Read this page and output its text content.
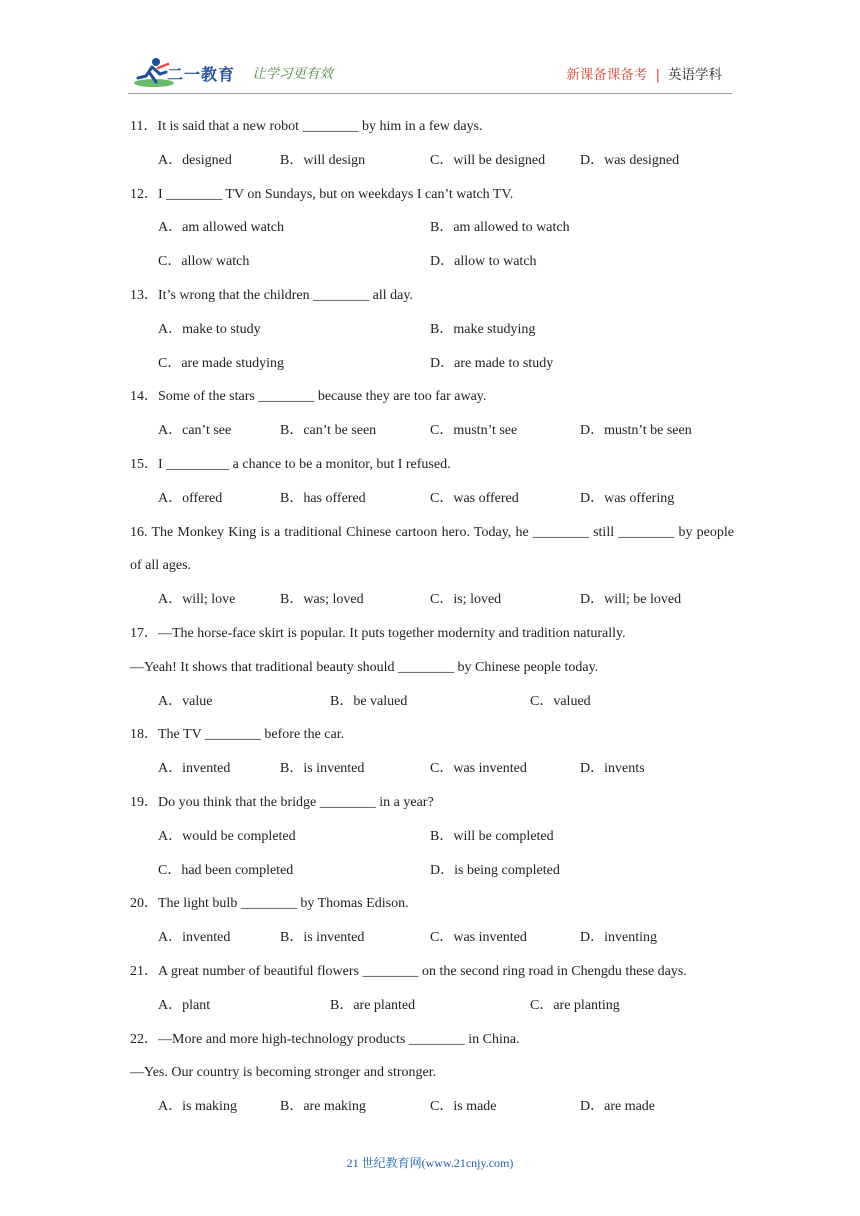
二一教育 让学习更有效	新课备课备考 | 英语学科
11．It is said that a new robot ________ by him in a few days.
A．designed	B．will design	C．will be designed D．was designed
12．I ________ TV on Sundays, but on weekdays I can’t watch TV.
A．am allowed watch	B．am allowed to watch
C．allow watch	D．allow to watch
13．It’s wrong that the children ________ all day.
A．make to study	B．make studying
C．are made studying	D．are made to study
14．Some of the stars ________ because they are too far away.
A．can’t see	B．can’t be seen	C．mustn’t see	D．mustn’t be seen
15．I _________ a chance to be a monitor, but I refused.
A．offered	B．has offered	C．was offered	D．was offering
16. The Monkey King is a traditional Chinese cartoon hero. Today, he ________ still ________ by people of all ages.
A．will; love	B．was; loved	C．is; loved	D．will; be loved
17．—The horse-face skirt is popular. It puts together modernity and tradition naturally.
—Yeah! It shows that traditional beauty should ________ by Chinese people today.
A．value	B．be valued	C．valued
18．The TV ________ before the car.
A．invented	B．is invented	C．was invented	D．invents
19．Do you think that the bridge ________ in a year?
A．would be completed	B．will be completed
C．had been completed	D．is being completed
20．The light bulb ________ by Thomas Edison.
A．invented	B．is invented	C．was invented	D．inventing
21．A great number of beautiful flowers ________ on the second ring road in Chengdu these days.
A．plant	B．are planted	C．are planting
22．—More and more high-technology products ________ in China.
—Yes. Our country is becoming stronger and stronger.
A．is making	B．are making	C．is made	D．are made
21 世纪教育网(www.21cnjy.com)
